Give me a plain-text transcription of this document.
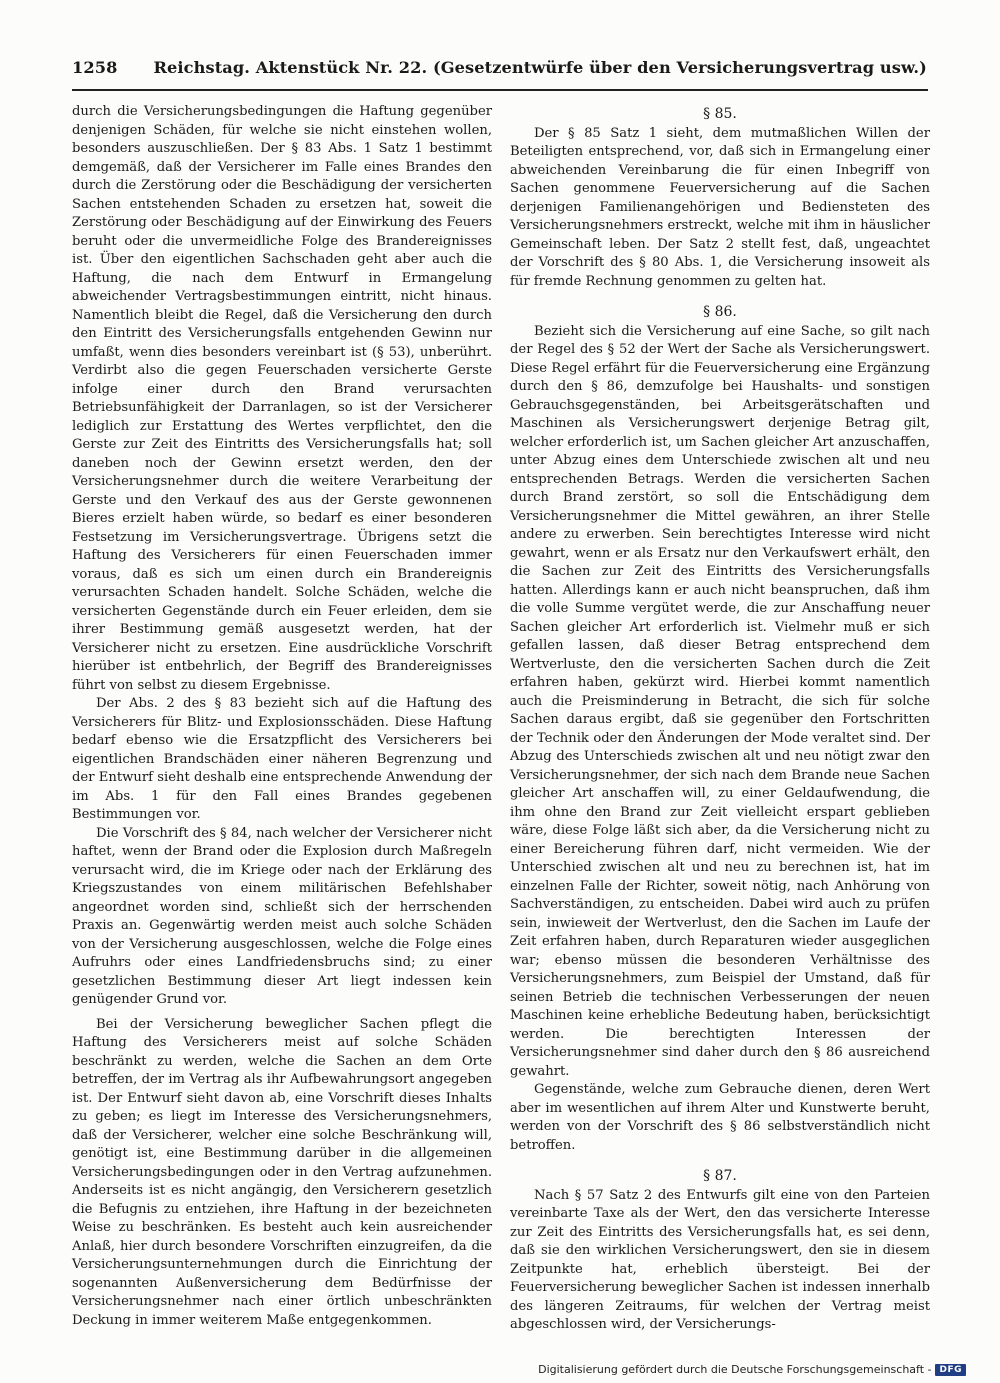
1258 Reichstag. Aktenstück Nr. 22. (Gesetzentwürfe über den Versicherungsvertrag usw.)

durch die Versicherungsbedingungen die Haftung gegenüber denjenigen Schäden, für welche sie nicht einstehen wollen, besonders auszuschließen. Der § 83 Abs. 1 Satz 1 bestimmt demgemäß, daß der Versicherer im Falle eines Brandes den durch die Zerstörung oder die Beschädigung der versicherten Sachen entstehenden Schaden zu ersetzen hat, soweit die Zerstörung oder Beschädigung auf der Einwirkung des Feuers beruht oder die unvermeidliche Folge des Brandereignisses ist. Über den eigentlichen Sachschaden geht aber auch die Haftung, die nach dem Entwurf in Ermangelung abweichender Vertragsbestimmungen eintritt, nicht hinaus. Namentlich bleibt die Regel, daß die Versicherung den durch den Eintritt des Versicherungsfalls entgehenden Gewinn nur umfaßt, wenn dies besonders vereinbart ist (§ 53), unberührt. Verdirbt also die gegen Feuerschaden versicherte Gerste infolge einer durch den Brand verursachten Betriebsunfähigkeit der Darranlagen, so ist der Versicherer lediglich zur Erstattung des Wertes verpflichtet, den die Gerste zur Zeit des Eintritts des Versicherungsfalls hat; soll daneben noch der Gewinn ersetzt werden, den der Versicherungsnehmer durch die weitere Verarbeitung der Gerste und den Verkauf des aus der Gerste gewonnenen Bieres erzielt haben würde, so bedarf es einer besonderen Festsetzung im Versicherungsvertrage. Übrigens setzt die Haftung des Versicherers für einen Feuerschaden immer voraus, daß es sich um einen durch ein Brandereignis verursachten Schaden handelt. Solche Schäden, welche die versicherten Gegenstände durch ein Feuer erleiden, dem sie ihrer Bestimmung gemäß ausgesetzt werden, hat der Versicherer nicht zu ersetzen. Eine ausdrückliche Vorschrift hierüber ist entbehrlich, der Begriff des Brandereignisses führt von selbst zu diesem Ergebnisse.

Der Abs. 2 des § 83 bezieht sich auf die Haftung des Versicherers für Blitz- und Explosionsschäden. Diese Haftung bedarf ebenso wie die Ersatzpflicht des Versicherers bei eigentlichen Brandschäden einer näheren Begrenzung und der Entwurf sieht deshalb eine entsprechende Anwendung der im Abs. 1 für den Fall eines Brandes gegebenen Bestimmungen vor.

Die Vorschrift des § 84, nach welcher der Versicherer nicht haftet, wenn der Brand oder die Explosion durch Maßregeln verursacht wird, die im Kriege oder nach der Erklärung des Kriegszustandes von einem militärischen Befehlshaber angeordnet worden sind, schließt sich der herrschenden Praxis an. Gegenwärtig werden meist auch solche Schäden von der Versicherung ausgeschlossen, welche die Folge eines Aufruhrs oder eines Landfriedensbruchs sind; zu einer gesetzlichen Bestimmung dieser Art liegt indessen kein genügender Grund vor.

Bei der Versicherung beweglicher Sachen pflegt die Haftung des Versicherers meist auf solche Schäden beschränkt zu werden, welche die Sachen an dem Orte betreffen, der im Vertrag als ihr Aufbewahrungsort angegeben ist. Der Entwurf sieht davon ab, eine Vorschrift dieses Inhalts zu geben; es liegt im Interesse des Versicherungsnehmers, daß der Versicherer, welcher eine solche Beschränkung will, genötigt ist, eine Bestimmung darüber in die allgemeinen Versicherungsbedingungen oder in den Vertrag aufzunehmen. Anderseits ist es nicht angängig, den Versicherern gesetzlich die Befugnis zu entziehen, ihre Haftung in der bezeichneten Weise zu beschränken. Es besteht auch kein ausreichender Anlaß, hier durch besondere Vorschriften einzugreifen, da die Versicherungsunternehmungen durch die Einrichtung der sogenannten Außenversicherung dem Bedürfnisse der Versicherungsnehmer nach einer örtlich unbeschränkten Deckung in immer weiterem Maße entgegenkommen.

§ 85.

Der § 85 Satz 1 sieht, dem mutmaßlichen Willen der Beteiligten entsprechend, vor, daß sich in Ermangelung einer abweichenden Vereinbarung die für einen Inbegriff von Sachen genommene Feuerversicherung auf die Sachen derjenigen Familienangehörigen und Bediensteten des Versicherungsnehmers erstreckt, welche mit ihm in häuslicher Gemeinschaft leben. Der Satz 2 stellt fest, daß, ungeachtet der Vorschrift des § 80 Abs. 1, die Versicherung insoweit als für fremde Rechnung genommen zu gelten hat.

§ 86.

Bezieht sich die Versicherung auf eine Sache, so gilt nach der Regel des § 52 der Wert der Sache als Versicherungswert. Diese Regel erfährt für die Feuerversicherung eine Ergänzung durch den § 86, demzufolge bei Haushalts- und sonstigen Gebrauchsgegenständen, bei Arbeitsgerätschaften und Maschinen als Versicherungswert derjenige Betrag gilt, welcher erforderlich ist, um Sachen gleicher Art anzuschaffen, unter Abzug eines dem Unterschiede zwischen alt und neu entsprechenden Betrags. Werden die versicherten Sachen durch Brand zerstört, so soll die Entschädigung dem Versicherungsnehmer die Mittel gewähren, an ihrer Stelle andere zu erwerben. Sein berechtigtes Interesse wird nicht gewahrt, wenn er als Ersatz nur den Verkaufswert erhält, den die Sachen zur Zeit des Eintritts des Versicherungsfalls hatten. Allerdings kann er auch nicht beanspruchen, daß ihm die volle Summe vergütet werde, die zur Anschaffung neuer Sachen gleicher Art erforderlich ist. Vielmehr muß er sich gefallen lassen, daß dieser Betrag entsprechend dem Wertverluste, den die versicherten Sachen durch die Zeit erfahren haben, gekürzt wird. Hierbei kommt namentlich auch die Preisminderung in Betracht, die sich für solche Sachen daraus ergibt, daß sie gegenüber den Fortschritten der Technik oder den Änderungen der Mode veraltet sind. Der Abzug des Unterschieds zwischen alt und neu nötigt zwar den Versicherungsnehmer, der sich nach dem Brande neue Sachen gleicher Art anschaffen will, zu einer Geldaufwendung, die ihm ohne den Brand zur Zeit vielleicht erspart geblieben wäre, diese Folge läßt sich aber, da die Versicherung nicht zu einer Bereicherung führen darf, nicht vermeiden. Wie der Unterschied zwischen alt und neu zu berechnen ist, hat im einzelnen Falle der Richter, soweit nötig, nach Anhörung von Sachverständigen, zu entscheiden. Dabei wird auch zu prüfen sein, inwieweit der Wertverlust, den die Sachen im Laufe der Zeit erfahren haben, durch Reparaturen wieder ausgeglichen war; ebenso müssen die besonderen Verhältnisse des Versicherungsnehmers, zum Beispiel der Umstand, daß für seinen Betrieb die technischen Verbesserungen der neuen Maschinen keine erhebliche Bedeutung haben, berücksichtigt werden. Die berechtigten Interessen der Versicherungsnehmer sind daher durch den § 86 ausreichend gewahrt.

Gegenstände, welche zum Gebrauche dienen, deren Wert aber im wesentlichen auf ihrem Alter und Kunstwerte beruht, werden von der Vorschrift des § 86 selbstverständlich nicht betroffen.

§ 87.

Nach § 57 Satz 2 des Entwurfs gilt eine von den Parteien vereinbarte Taxe als der Wert, den das versicherte Interesse zur Zeit des Eintritts des Versicherungsfalls hat, es sei denn, daß sie den wirklichen Versicherungswert, den sie in diesem Zeitpunkte hat, erheblich übersteigt. Bei der Feuerversicherung beweglicher Sachen ist indessen innerhalb des längeren Zeitraums, für welchen der Vertrag meist abgeschlossen wird, der Versicherungs-

Digitalisierung gefördert durch die Deutsche Forschungsgemeinschaft - DFG
